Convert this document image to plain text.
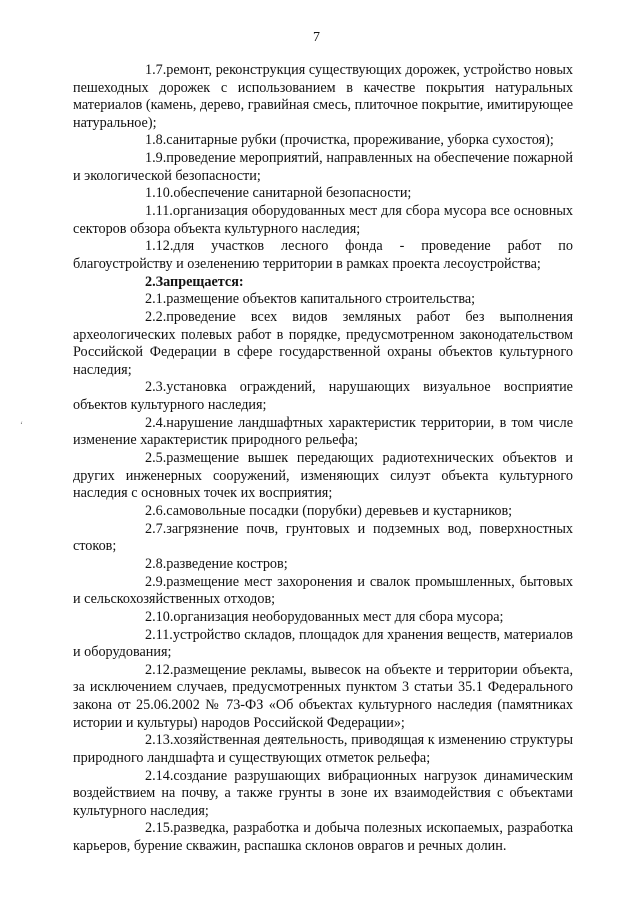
7
‘

1.7.ремонт, реконструкция существующих дорожек, устройство новых пешеходных дорожек с использованием в качестве покрытия натуральных материалов (камень, дерево, гравийная смесь, плиточное покрытие, имитирующее натуральное);

1.8.санитарные рубки (прочистка, прореживание, уборка сухостоя);

1.9.проведение мероприятий, направленных на обеспечение пожарной и экологической безопасности;

1.10.обеспечение санитарной безопасности;

1.11.организация оборудованных мест для сбора мусора все основных секторов обзора объекта культурного наследия;

1.12.для участков лесного фонда - проведение работ по благоустройству и озеленению территории в рамках проекта лесоустройства;

2.Запрещается:

2.1.размещение объектов капитального строительства;

2.2.проведение всех видов земляных работ без выполнения археологических полевых работ в порядке, предусмотренном законодательством Российской Федерации в сфере государственной охраны объектов культурного наследия;

2.3.установка ограждений, нарушающих визуальное восприятие объектов культурного наследия;

2.4.нарушение ландшафтных характеристик территории, в том числе изменение характеристик природного рельефа;

2.5.размещение вышек передающих радиотехнических объектов и других инженерных сооружений, изменяющих силуэт объекта культурного наследия с основных точек их восприятия;

2.6.самовольные посадки (порубки) деревьев и кустарников;

2.7.загрязнение почв, грунтовых и подземных вод, поверхностных стоков;

2.8.разведение костров;

2.9.размещение мест захоронения и свалок промышленных, бытовых и сельскохозяйственных отходов;

2.10.организация необорудованных мест для сбора мусора;

2.11.устройство складов, площадок для хранения веществ, материалов и оборудования;

2.12.размещение рекламы, вывесок на объекте и территории объекта, за исключением случаев, предусмотренных пунктом 3 статьи 35.1 Федерального закона от 25.06.2002 № 73-ФЗ «Об объектах культурного наследия (памятниках истории и культуры) народов Российской Федерации»;

2.13.хозяйственная деятельность, приводящая к изменению структуры природного ландшафта и существующих отметок рельефа;

2.14.создание разрушающих вибрационных нагрузок динамическим воздействием на почву, а также грунты в зоне их взаимодействия с объектами культурного наследия;

2.15.разведка, разработка и добыча полезных ископаемых, разработка карьеров, бурение скважин, распашка склонов оврагов и речных долин.
